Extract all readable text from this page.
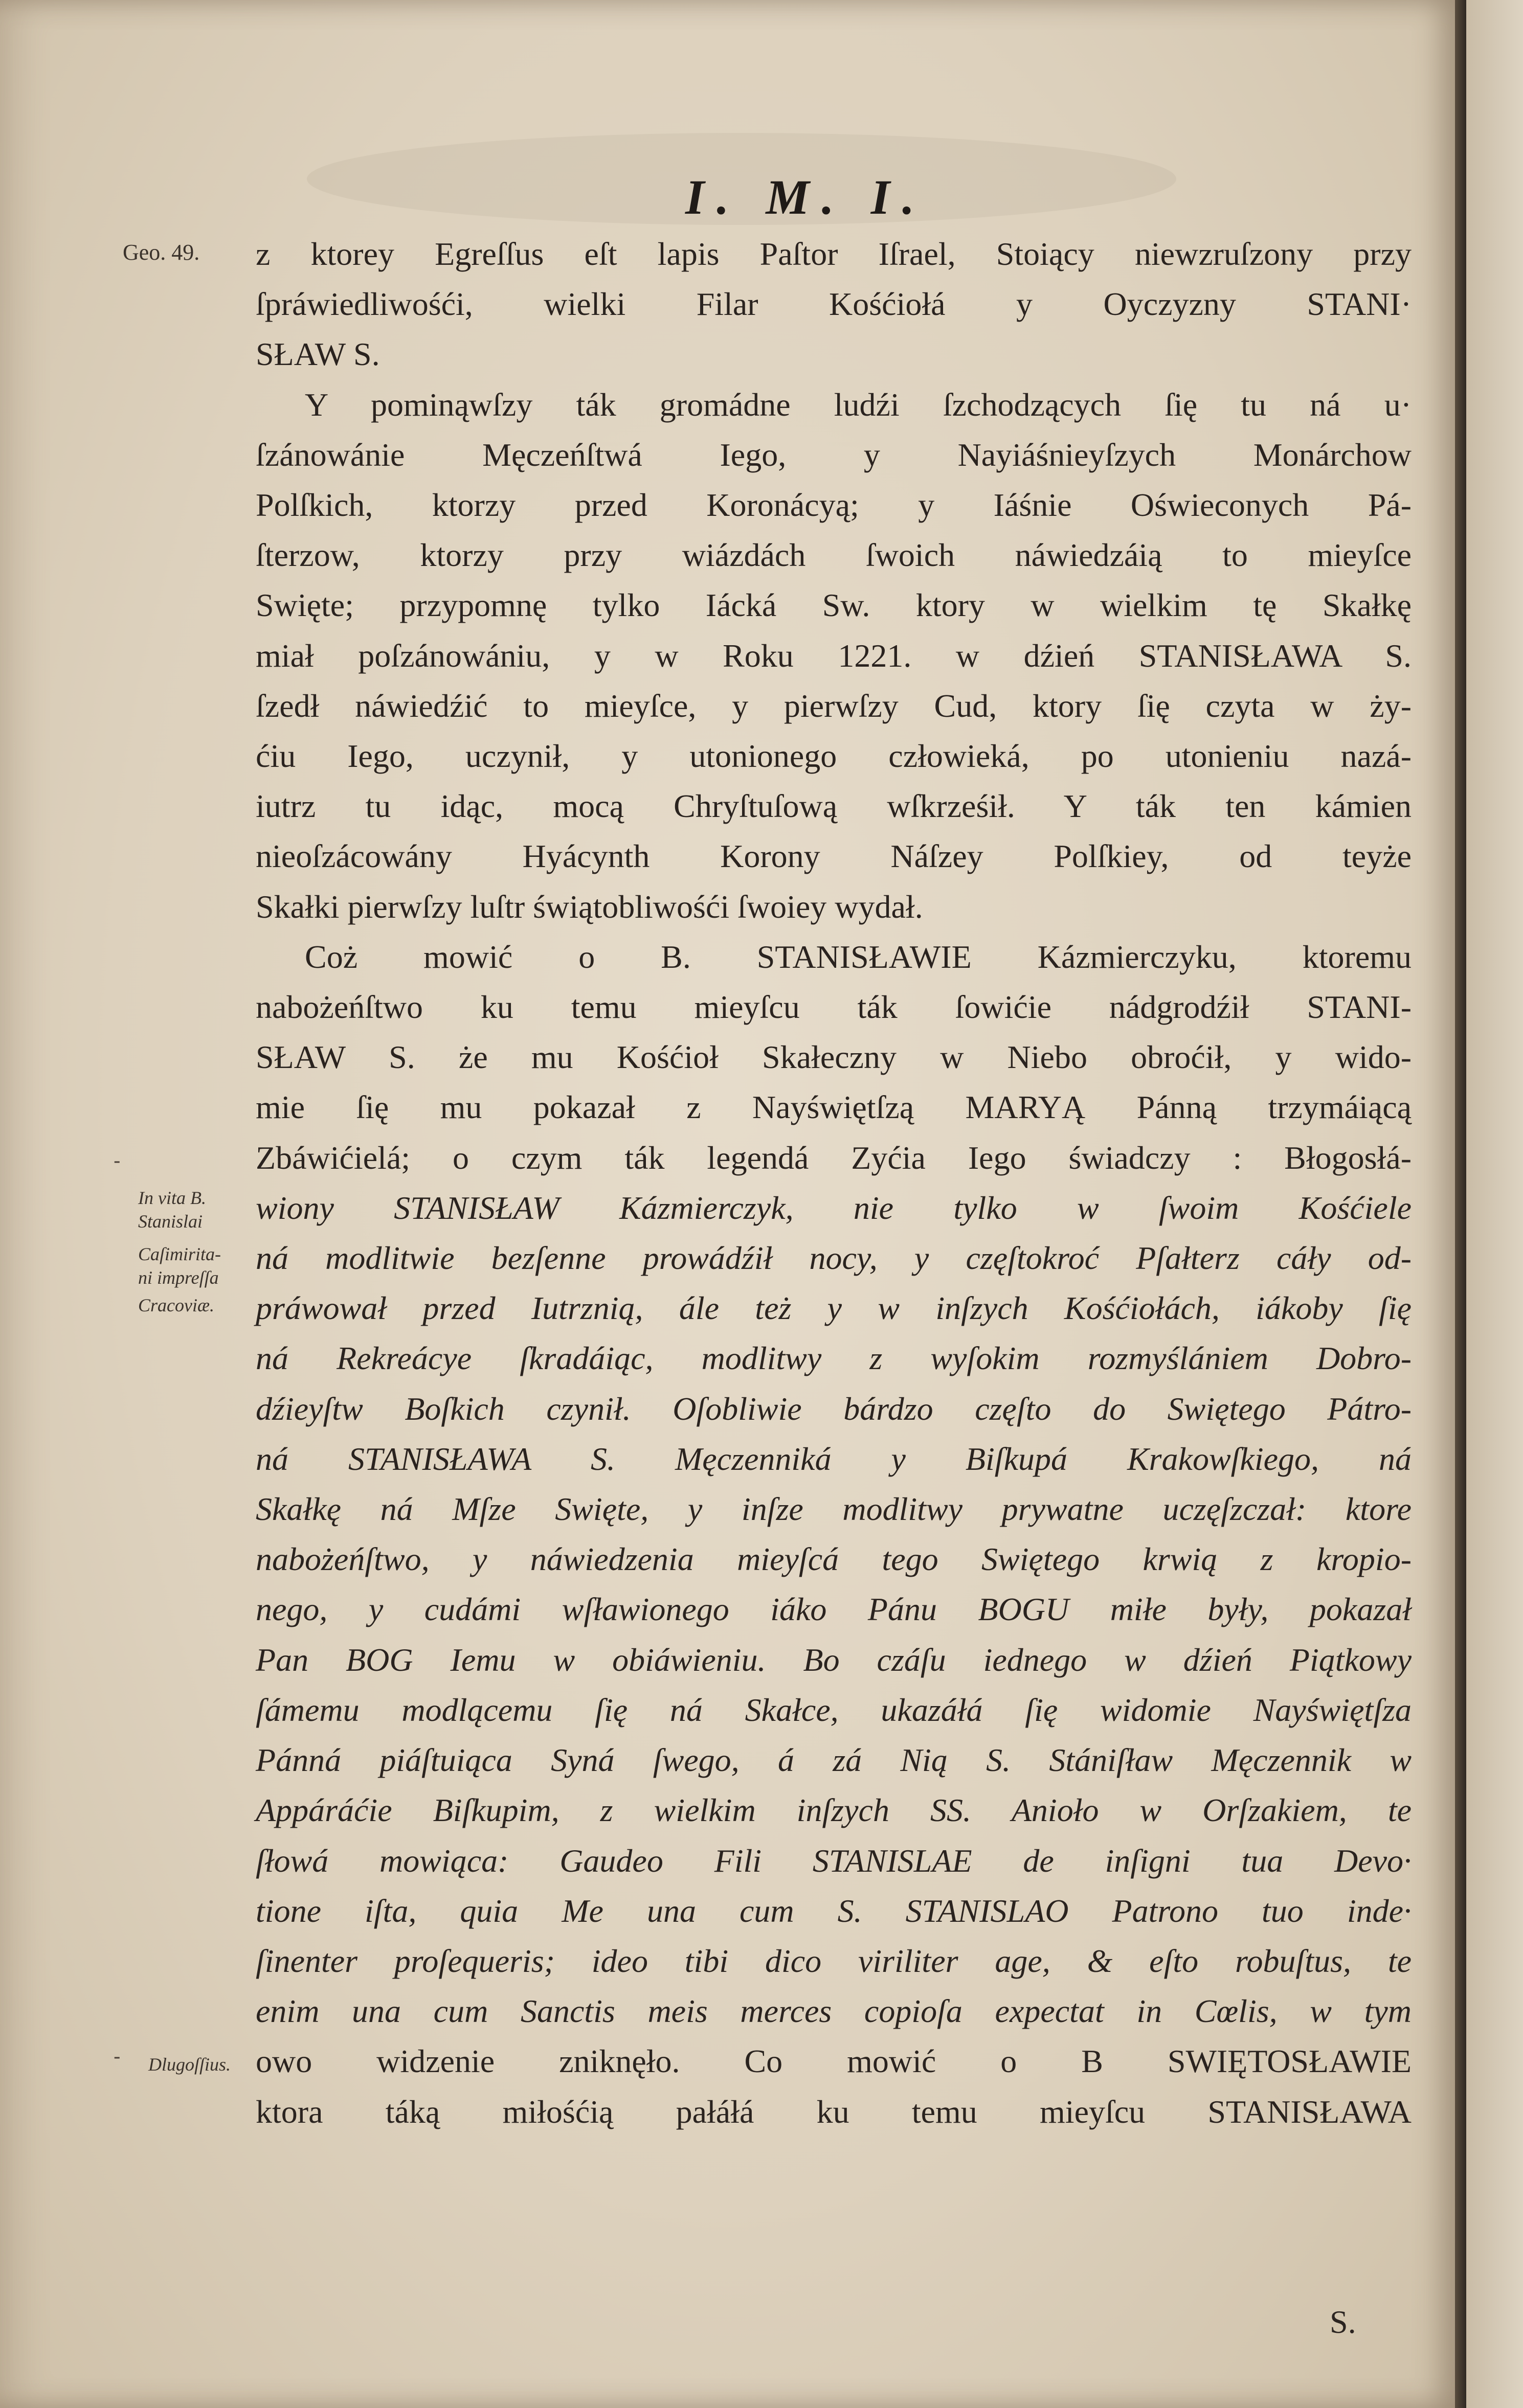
I. M. I.
Geo. 49. z ktorey Egreſſus eſt lapis Paſtor Iſrael, Stoiący niewzruſzony przy
ſpráwiedliwośći, wielki Filar Kośćiołá y Oyczyzny STANI·
SŁAW S.
Y pominąwſzy ták gromádne ludźi ſzchodzących ſię tu ná u·
ſzánowánie Męczeńſtwá Iego, y Nayiáśnieyſzych Monárchow
Polſkich, ktorzy przed Koronácyą; y Iáśnie Oświeconych Pá-
ſterzow, ktorzy przy wiázdách ſwoich náwiedzáią to mieyſce
Swięte; przypomnę tylko Iácká Sw. ktory w wielkim tę Skałkę
miał poſzánowániu, y w Roku 1221. w dźień STANISŁAWA S.
ſzedł náwiedźić to mieyſce, y pierwſzy Cud, ktory ſię czyta w ży-
ćiu Iego, uczynił, y utonionego człowieká, po utonieniu nazá-
iutrz tu idąc, mocą Chryſtuſową wſkrześił. Y ták ten kámien
nieoſzácowány Hyácynth Korony Náſzey Polſkiey, od teyże
Skałki pierwſzy luſtr świątobliwośći ſwoiey wydał.
Coż mowić o B. STANISŁAWIE Kázmierczyku, ktoremu
nabożeńſtwo ku temu mieyſcu ták ſowićie nádgrodźił STANI-
SŁAW S. że mu Kośćioł Skałeczny w Niebo obroćił, y wido-
mie ſię mu pokazał z Nayświętſzą MARYĄ Pánną trzymáiącą
Zbáwićielá; o czym ták legendá Zyćia Iego świadczy : Błogosłá-
wiony STANISŁAW Kázmierczyk, nie tylko w ſwoim Kośćiele
ná modlitwie bezſenne prowádźił nocy, y częſtokroć Pſałterz cáły od-
práwował przed Iutrznią, ále też y w inſzych Kośćiołách, iákoby ſię
ná Rekreácye ſkradáiąc, modlitwy z wyſokim rozmyślániem Dobro-
dźieyſtw Boſkich czynił. Oſobliwie bárdzo częſto do Swiętego Pátro-
ná STANISŁAWA S. Męczenniká y Biſkupá Krakowſkiego, ná
Skałkę ná Mſze Swięte, y inſze modlitwy prywatne uczęſzczał: ktore
nabożeńſtwo, y náwiedzenia mieyſcá tego Swiętego krwią z kropio-
nego, y cudámi wſławionego iáko Pánu BOGU miłe były, pokazał
Pan BOG Iemu w obiáwieniu. Bo czáſu iednego w dźień Piątkowy
ſámemu modlącemu ſię ná Skałce, ukazáłá ſię widomie Nayświętſza
Pánná piáſtuiąca Syná ſwego, á zá Nią S. Stániſław Męczennik w
Appáráćie Biſkupim, z wielkim inſzych SS. Anioło w Orſzakiem, te
ſłowá mowiąca: Gaudeo Fili STANISLAE de inſigni tua Devo·
tione iſta, quia Me una cum S. STANISLAO Patrono tuo inde·
ſinenter proſequeris; ideo tibi dico viriliter age, & eſto robuſtus, te
enim una cum Sanctis meis merces copioſa expectat in Cœlis, w tym
owo widzenie zniknęło. Co mowić o B SWIĘTOSŁAWIE
ktora táką miłośćią pałáłá ku temu mieyſcu STANISŁAWA
S.
In vita B.
Stanislai
Caſimirita-
ni impreſſa
Cracoviæ.
Dlugoſſius.
-
-
